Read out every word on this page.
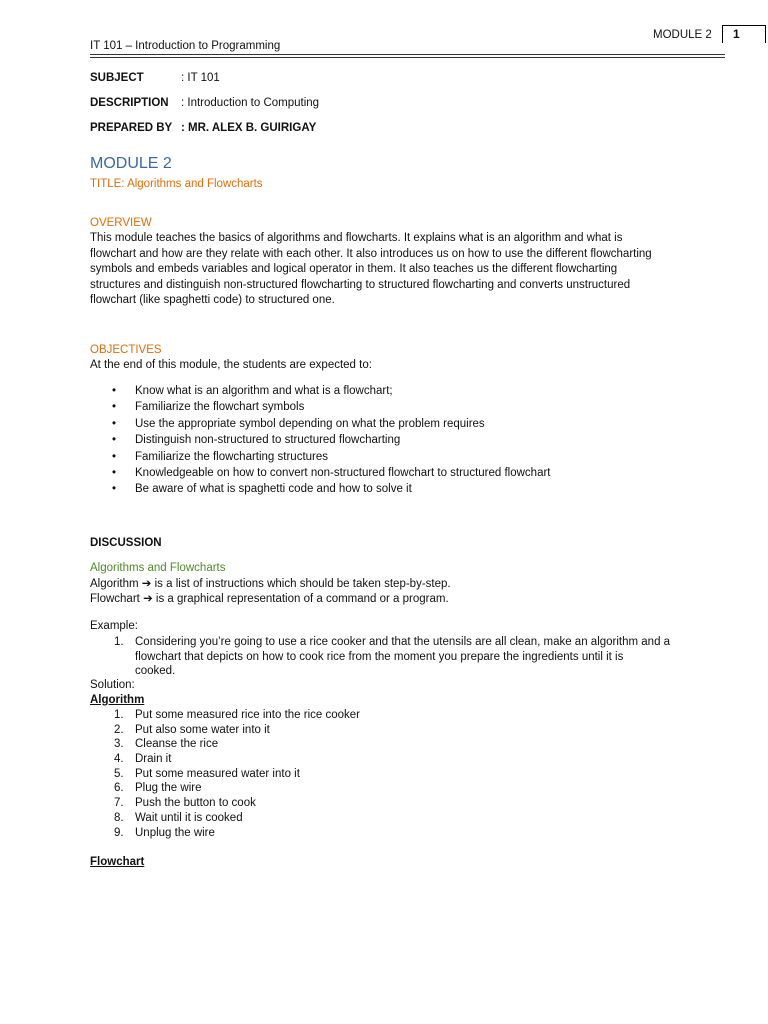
IT 101 – Introduction to Programming
MODULE 2	1
SUBJECT	: IT 101
DESCRIPTION : Introduction to Computing
PREPARED BY : MR. ALEX B. GUIRIGAY
MODULE 2
TITLE: Algorithms and Flowcharts
OVERVIEW
This module teaches the basics of algorithms and flowcharts. It explains what is an algorithm and what is
flowchart and how are they relate with each other. It also introduces us on how to use the different flowcharting
symbols and embeds variables and logical operator in them. It also teaches us the different flowcharting
structures and distinguish non-structured flowcharting to structured flowcharting and converts unstructured
flowchart (like spaghetti code) to structured one.
OBJECTIVES
At the end of this module, the students are expected to:
• Know what is an algorithm and what is a flowchart;
• Familiarize the flowchart symbols
• Use the appropriate symbol depending on what the problem requires
• Distinguish non-structured to structured flowcharting
• Familiarize the flowcharting structures
• Knowledgeable on how to convert non-structured flowchart to structured flowchart
• Be aware of what is spaghetti code and how to solve it
DISCUSSION
Algorithms and Flowcharts
Algorithm ➔ is a list of instructions which should be taken step-by-step.
Flowchart ➔ is a graphical representation of a command or a program.
Example:
1. Considering you’re going to use a rice cooker and that the utensils are all clean, make an algorithm and a
flowchart that depicts on how to cook rice from the moment you prepare the ingredients until it is
cooked.
Solution:
Algorithm
1. Put some measured rice into the rice cooker
2. Put also some water into it
3. Cleanse the rice
4. Drain it
5. Put some measured water into it
6. Plug the wire
7. Push the button to cook
8. Wait until it is cooked
9. Unplug the wire
Flowchart
